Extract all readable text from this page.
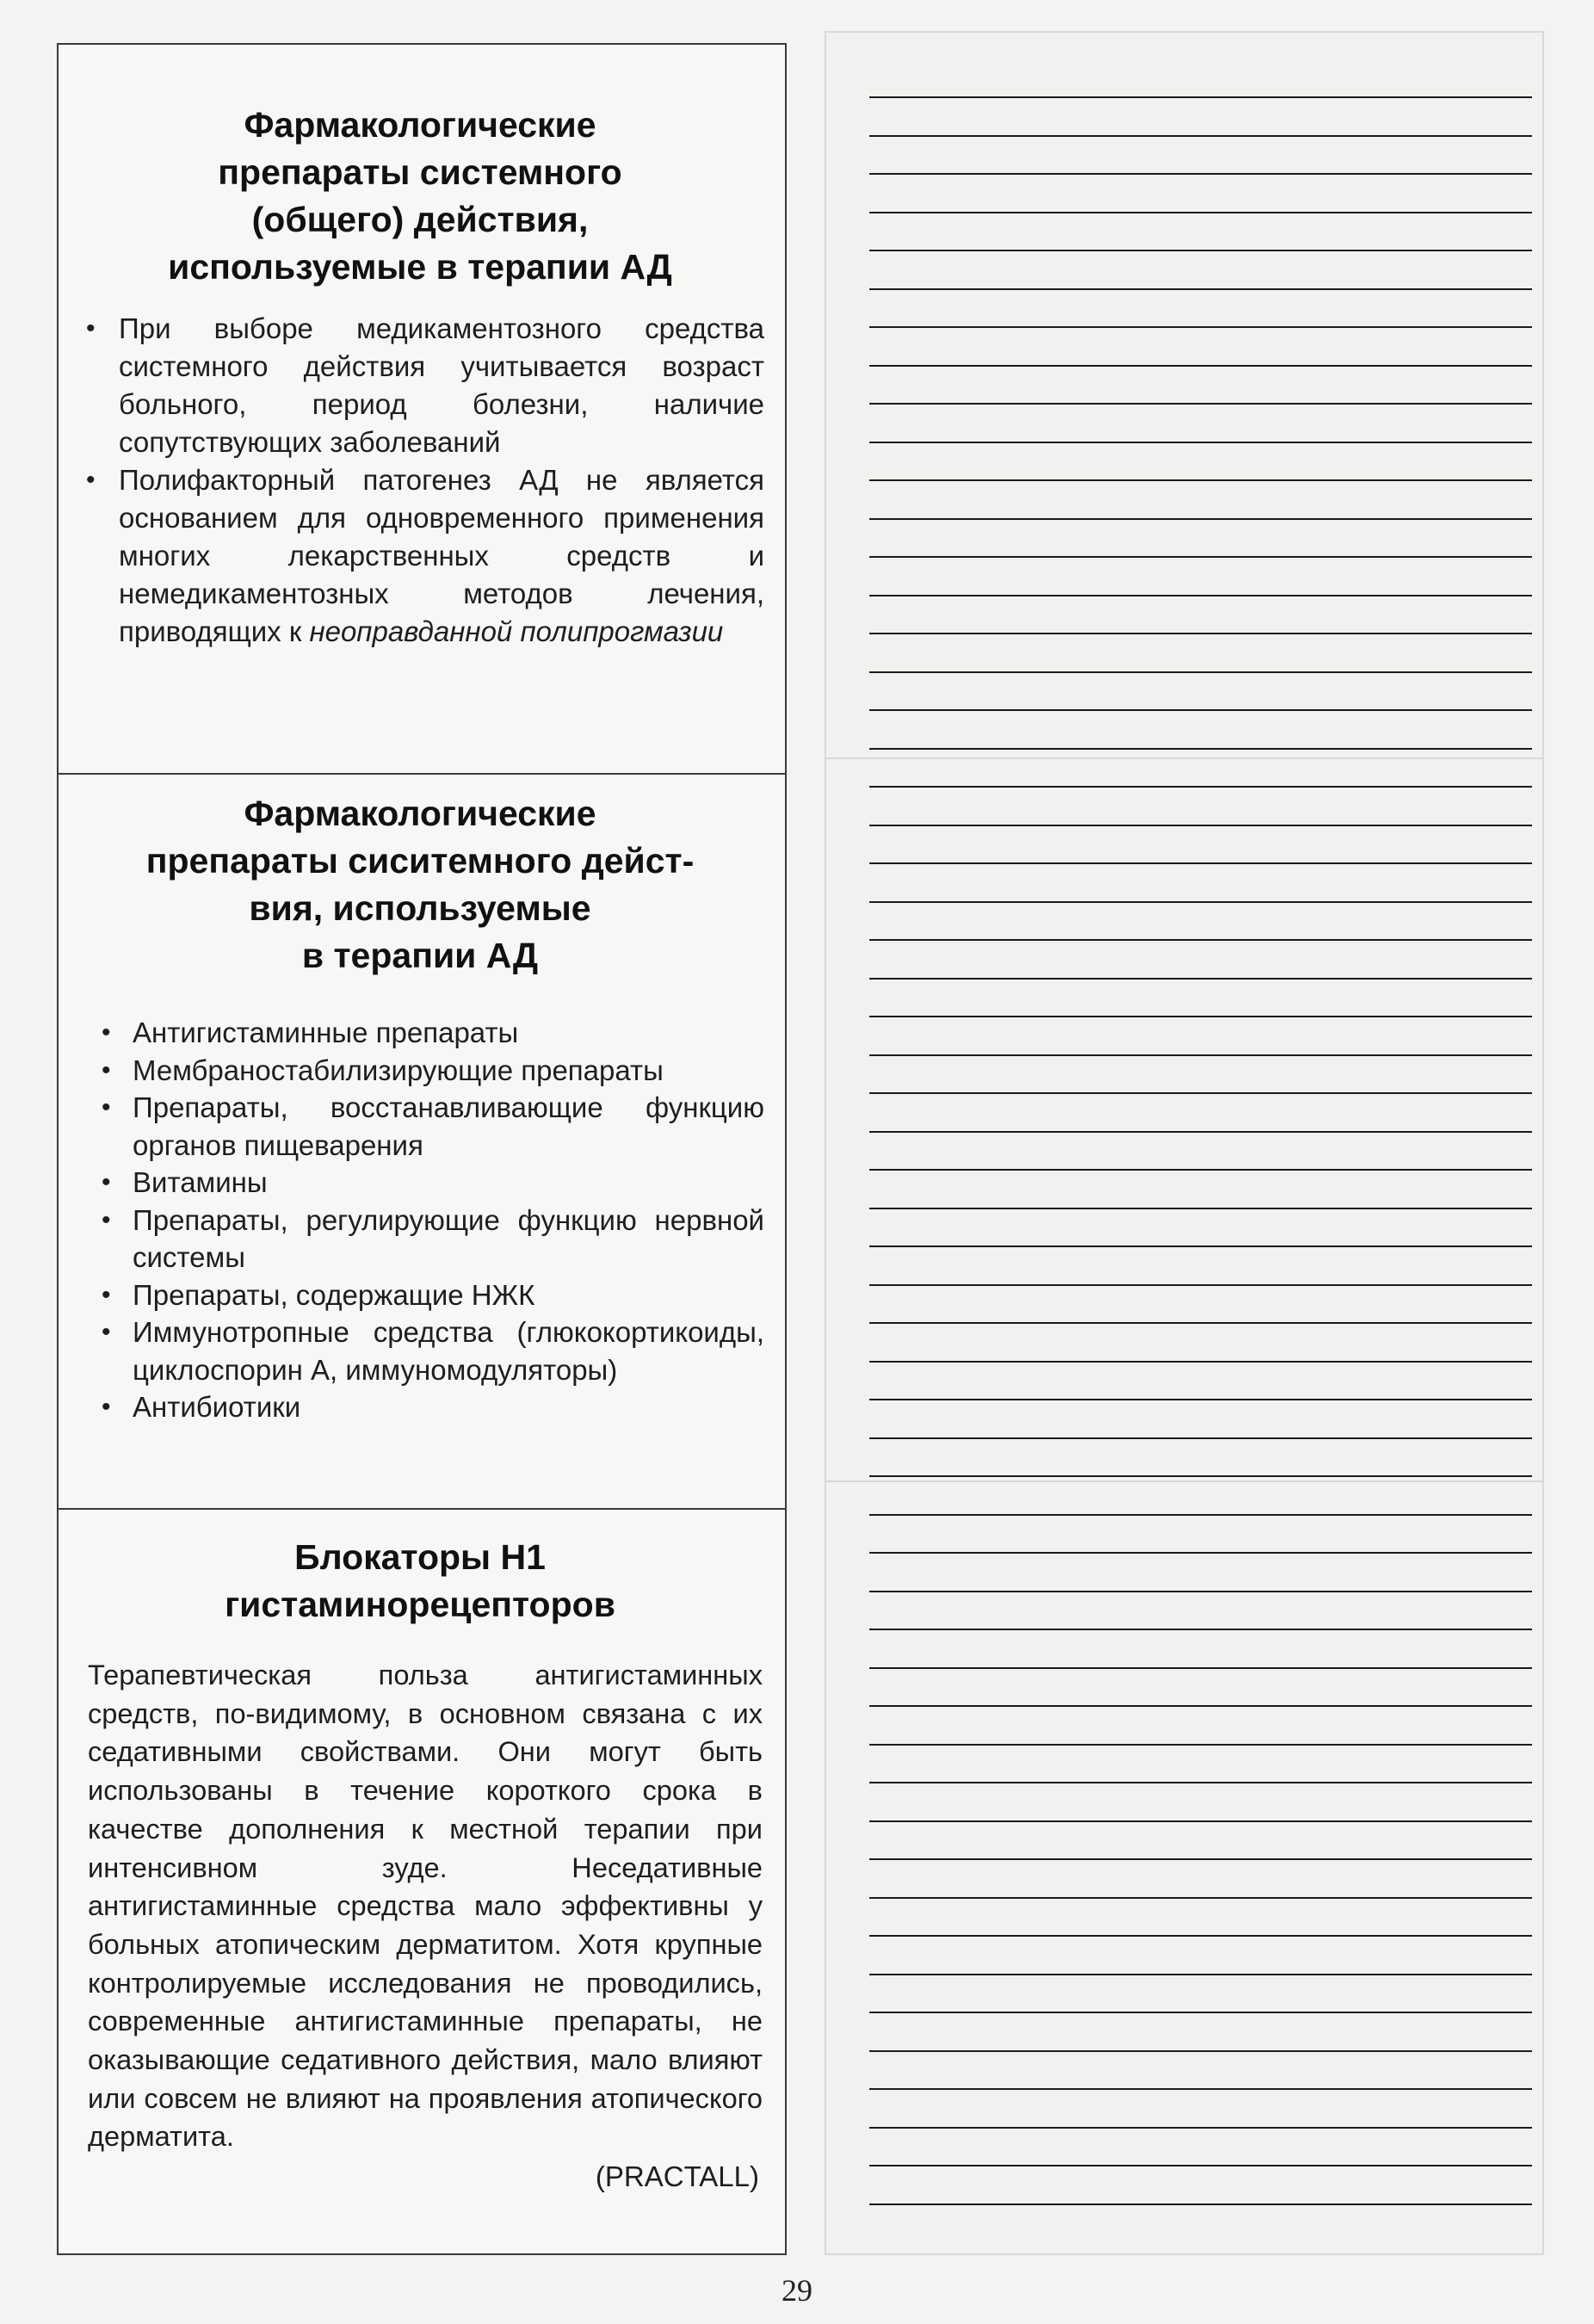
Фармакологические
препараты системного
(общего) действия,
используемые в терапии АД
• При выборе медикаментозного средства системного действия учитывается возраст больного, период болезни, наличие сопутствующих заболеваний
• Полифакторный патогенез АД не является основанием для одновременного применения многих лекарственных средств и немедикаментозных методов лечения, приводящих к неоправданной полипрогмазии
Фармакологические
препараты сиситемного дейст-
вия, используемые
в терапии АД
• Антигистаминные препараты
• Мембраностабилизирующие препараты
• Препараты, восстанавливающие функцию органов пищеварения
• Витамины
• Препараты, регулирующие функцию нервной системы
• Препараты, содержащие НЖК
• Иммунотропные средства (глюкокортикоиды, циклоспорин А, иммуномодуляторы)
• Антибиотики
Блокаторы Н1
гистаминорецепторов

Терапевтическая польза антигистаминных средств, по-видимому, в основном связана с их седативными свойствами. Они могут быть использованы в течение короткого срока в качестве дополнения к местной терапии при интенсивном зуде. Неседативные антигистаминные средства мало эффективны у больных атопическим дерматитом. Хотя крупные контролируемые исследования не проводились, современные антигистаминные препараты, не оказывающие седативного действия, мало влияют или совсем не влияют на проявления атопического дерматита.

(PRACTALL)
29
